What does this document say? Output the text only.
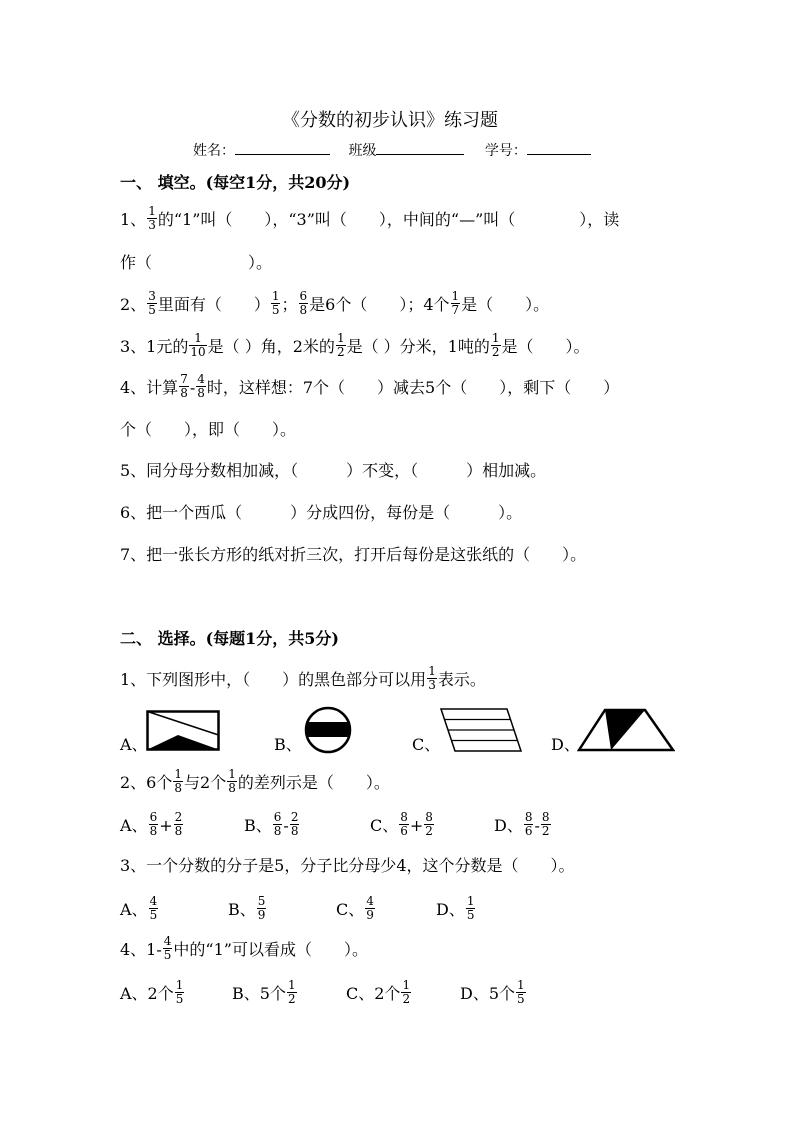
《分数的初步认识》练习题
姓名：	班级	学号：
一、 填空。(每空1分，共20分)
1、 $\frac{1}{3}$ 的“1”叫（　　），“3”叫（　　），中间的“—”叫（　　　　），读
作（　　　　　　）。
2、 $\frac{3}{5}$ 里面有（　　） $\frac{1}{5}$ ； $\frac{6}{8}$ 是6个（　　）；4个 $\frac{1}{7}$ 是（　　）。
3、1元的 $\frac{1}{10}$ 是（ ）角，2米的 $\frac{1}{2}$ 是（ ）分米，1吨的 $\frac{1}{2}$ 是（　　）。
4、计算 $\frac{7}{8} - \frac{4}{8}$ 时，这样想：7个（　　）减去5个（　　），剩下（　　）
个（　　），即（　　）。
5、同分母分数相加减，（　　　）不变，（　　　）相加减。
6、把一个西瓜（　　　）分成四份，每份是（　　　）。
7、把一张长方形的纸对折三次，打开后每份是这张纸的（　　）。
二、 选择。(每题1分，共5分)
1、下列图形中，（　　）的黑色部分可以用 $\frac{1}{3}$ 表示。
A、	B、	C、	D、
2、6个 $\frac{1}{8}$ 与2个 $\frac{1}{8}$ 的差列示是（　　）。
A、 $\frac{6}{8} + \frac{2}{8}$	B、 $\frac{6}{8} - \frac{2}{8}$	C、 $\frac{8}{6} + \frac{8}{2}$	D、 $\frac{8}{6} - \frac{8}{2}$
3、一个分数的分子是5，分子比分母少4，这个分数是（　　）。
A、 $\frac{4}{5}$	B、 $\frac{5}{9}$	C、 $\frac{4}{9}$	D、 $\frac{1}{5}$
4、$1- \frac{4}{5}$ 中的“1”可以看成（　　）。
A、2个 $\frac{1}{5}$	B、5个 $\frac{1}{2}$	C、2个 $\frac{1}{2}$	D、5个 $\frac{1}{5}$
